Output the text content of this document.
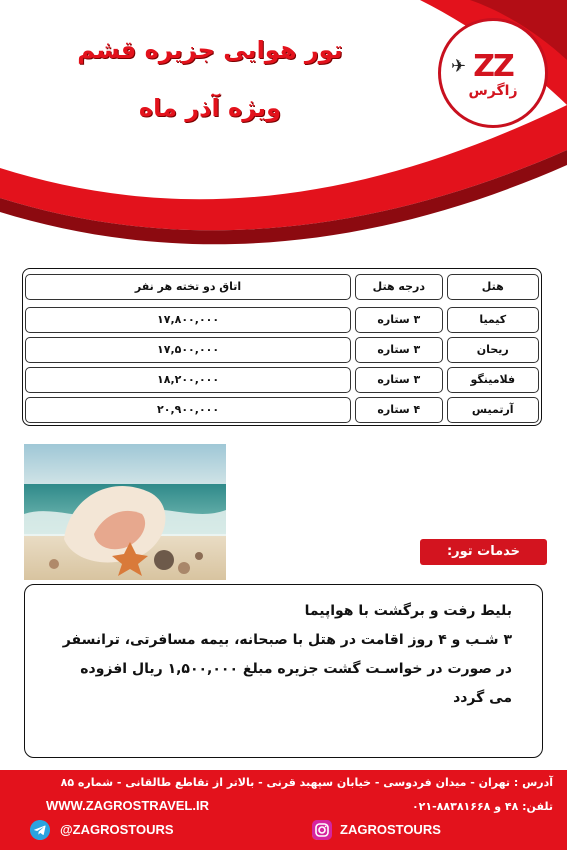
✈ ZZ
زاگرس
تور هوایی جزیره قشم
ویژه آذر ماه
هتل	درجه هتل	اتاق دو تخته هر نفر

کیمیا	۳ ستاره	۱۷,۸۰۰,۰۰۰

ریحان	۳ ستاره	۱۷,۵۰۰,۰۰۰

فلامینگو	۳ ستاره	۱۸,۲۰۰,۰۰۰

آرتمیس	۴ ستاره	۲۰,۹۰۰,۰۰۰
خدمات تور:
بلیط رفت و برگشت با هواپیما
۳ شـب و ۴ روز اقامت در هتل با صبحانه، بیمه مسافرتی، ترانسفر
در صورت در خواسـت گشت جزیره مبلغ ۱,۵۰۰,۰۰۰ ریال افزوده
می گردد
آدرس : تهران - میدان فردوسی - خیابان سپهبد قرنی - بالاتر از تقاطع طالقانی - شماره ۸۵
WWW.ZAGROSTRAVEL.IR	تلفن: ۴۸ و ۸۸۳۸۱۶۶۸-۰۲۱
@ZAGROSTOURS	ZAGROSTOURS
